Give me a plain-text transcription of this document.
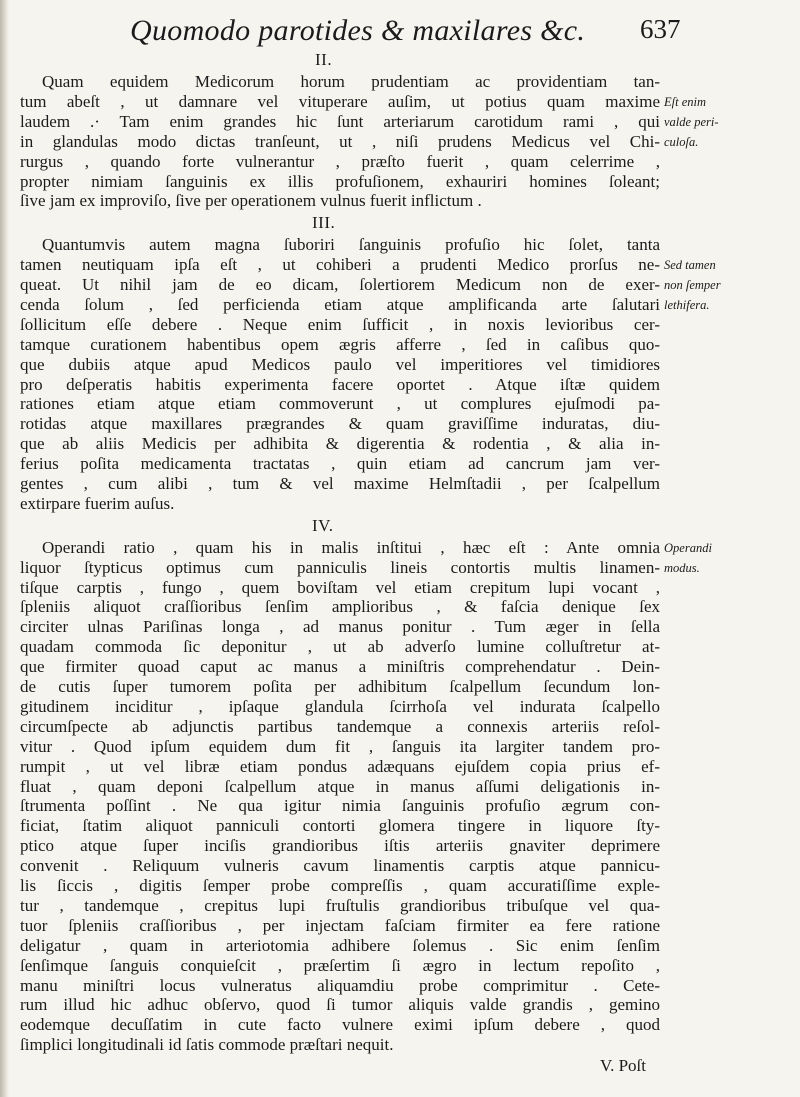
Quomodo parotides & maxilares &c. 637
II.
III.
IV.
Quam equidem Medicorum horum prudentiam ac providentiam tan-
tum abeſt , ut damnare vel vituperare auſim, ut potius quam maxime
laudem .· Tam enim grandes hic ſunt arteriarum carotidum rami , qui
in glandulas modo dictas tranſeunt, ut , niſi prudens Medicus vel Chi-
rurgus , quando forte vulnerantur , præſto fuerit , quam celerrime ,
propter nimiam ſanguinis ex illis profuſionem, exhauriri homines ſoleant;
ſive jam ex improviſo, ſive per operationem vulnus fuerit inflictum .
Quantumvis autem magna ſuboriri ſanguinis profuſio hic ſolet, tanta
tamen neutiquam ipſa eſt , ut cohiberi a prudenti Medico prorſus ne-
queat. Ut nihil jam de eo dicam, ſolertiorem Medicum non de exer-
cenda ſolum , ſed perficienda etiam atque amplificanda arte ſalutari
ſollicitum eſſe debere . Neque enim ſufficit , in noxis levioribus cer-
tamque curationem habentibus opem ægris afferre , ſed in caſibus quo-
que dubiis atque apud Medicos paulo vel imperitiores vel timidiores
pro deſperatis habitis experimenta facere oportet . Atque iſtæ quidem
rationes etiam atque etiam commoverunt , ut complures ejuſmodi pa-
rotidas atque maxillares prægrandes & quam graviſſime induratas, diu-
que ab aliis Medicis per adhibita & digerentia & rodentia , & alia in-
ferius poſita medicamenta tractatas , quin etiam ad cancrum jam ver-
gentes , cum alibi , tum & vel maxime Helmſtadii , per ſcalpellum
extirpare fuerim auſus.
Operandi ratio , quam his in malis inſtitui , hæc eſt : Ante omnia
liquor ſtypticus optimus cum panniculis lineis contortis multis linamen-
tiſque carptis , fungo , quem boviſtam vel etiam crepitum lupi vocant ,
ſpleniis aliquot craſſioribus ſenſim amplioribus , & faſcia denique ſex
circiter ulnas Pariſinas longa , ad manus ponitur . Tum æger in ſella
quadam commoda ſic deponitur , ut ab adverſo lumine colluſtretur at-
que firmiter quoad caput ac manus a miniſtris comprehendatur . Dein-
de cutis ſuper tumorem poſita per adhibitum ſcalpellum ſecundum lon-
gitudinem inciditur , ipſaque glandula ſcirrhoſa vel indurata ſcalpello
circumſpecte ab adjunctis partibus tandemque a connexis arteriis reſol-
vitur . Quod ipſum equidem dum fit , ſanguis ita largiter tandem pro-
rumpit , ut vel libræ etiam pondus adæquans ejuſdem copia prius ef-
fluat , quam deponi ſcalpellum atque in manus aſſumi deligationis in-
ſtrumenta poſſint . Ne qua igitur nimia ſanguinis profuſio ægrum con-
ficiat, ſtatim aliquot panniculi contorti glomera tingere in liquore ſty-
ptico atque ſuper inciſis grandioribus iſtis arteriis gnaviter deprimere
convenit . Reliquum vulneris cavum linamentis carptis atque pannicu-
lis ſiccis , digitis ſemper probe compreſſis , quam accuratiſſime exple-
tur , tandemque , crepitus lupi fruſtulis grandioribus tribuſque vel qua-
tuor ſpleniis craſſioribus , per injectam faſciam firmiter ea fere ratione
deligatur , quam in arteriotomia adhibere ſolemus . Sic enim ſenſim
ſenſimque ſanguis conquieſcit , præſertim ſi ægro in lectum repoſito ,
manu miniſtri locus vulneratus aliquamdiu probe comprimitur . Cete-
rum illud hic adhuc obſervo, quod ſi tumor aliquis valde grandis , gemino
eodemque decuſſatim in cute facto vulnere eximi ipſum debere , quod
ſimplici longitudinali id ſatis commode præſtari nequit.
Eſt enim
valde peri-
culoſa.
Sed tamen
non ſemper
lethifera.
Operandi
modus.
V. Poſt
